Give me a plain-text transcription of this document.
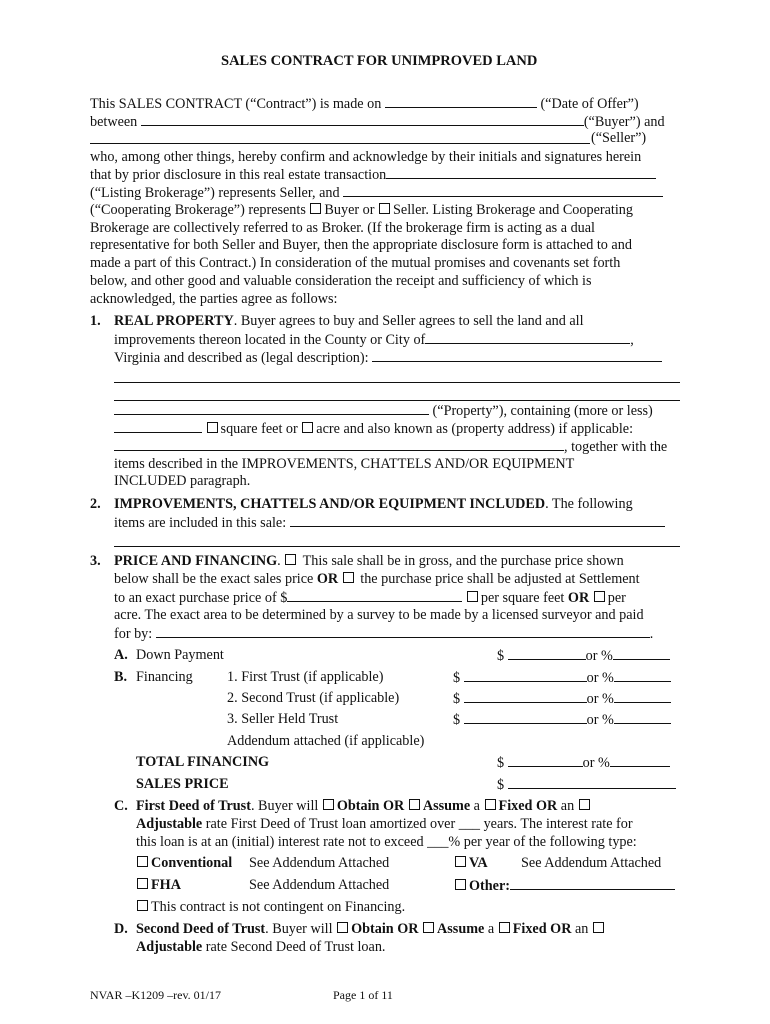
SALES CONTRACT FOR UNIMPROVED LAND
This SALES CONTRACT (“Contract”) is made on	(“Date of Offer”)
between	(“Buyer”) and
(“Seller”)
who, among other things, hereby confirm and acknowledge by their initials and signatures herein
that by prior disclosure in this real estate transaction
(“Listing Brokerage”) represents Seller, and
(“Cooperating Brokerage”) represents Buyer or Seller. Listing Brokerage and Cooperating
Brokerage are collectively referred to as Broker. (If the brokerage firm is acting as a dual
representative for both Seller and Buyer, then the appropriate disclosure form is attached to and
made a part of this Contract.) In consideration of the mutual promises and covenants set forth
below, and other good and valuable consideration the receipt and sufficiency of which is
acknowledged, the parties agree as follows:
1. REAL PROPERTY. Buyer agrees to buy and Seller agrees to sell the land and all
improvements thereon located in the County or City of	,
Virginia and described as (legal description):
(“Property”), containing (more or less)
square feet or acre and also known as (property address) if applicable:
, together with the
items described in the IMPROVEMENTS, CHATTELS AND/OR EQUIPMENT
INCLUDED paragraph.
2. IMPROVEMENTS, CHATTELS AND/OR EQUIPMENT INCLUDED. The following
items are included in this sale:
3. PRICE AND FINANCING. This sale shall be in gross, and the purchase price shown
below shall be the exact sales price OR the purchase price shall be adjusted at Settlement
to an exact purchase price of $	per square feet OR per
acre. The exact area to be determined by a survey to be made by a licensed surveyor and paid
for by:	.
A. Down Payment	$	or %
B. Financing 1. First Trust (if applicable)	$	or %
2. Second Trust (if applicable)	$	or %
3. Seller Held Trust	$	or %
Addendum attached (if applicable)
TOTAL FINANCING	$	or %
SALES PRICE	$
C. First Deed of Trust. Buyer will Obtain OR Assume a Fixed OR an
Adjustable rate First Deed of Trust loan amortized over ___ years. The interest rate for
this loan is at an (initial) interest rate not to exceed ___% per year of the following type:
Conventional See Addendum Attached	VA See Addendum Attached
FHA	See Addendum Attached	Other:
This contract is not contingent on Financing.
D. Second Deed of Trust. Buyer will Obtain OR Assume a Fixed OR an
Adjustable rate Second Deed of Trust loan.
NVAR –K1209 –rev. 01/17	Page 1 of 11
